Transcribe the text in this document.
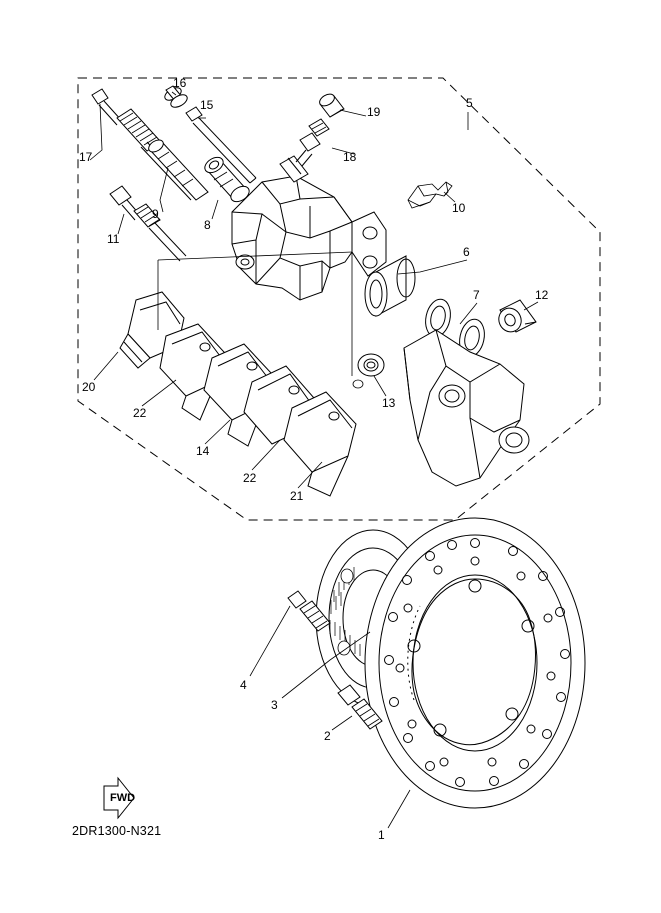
1
2
3
4
5
6
7
8
9	10
11
12
13
14
15
16
17	18
19
20
21
22
22
FWD
2DR1300-N321
